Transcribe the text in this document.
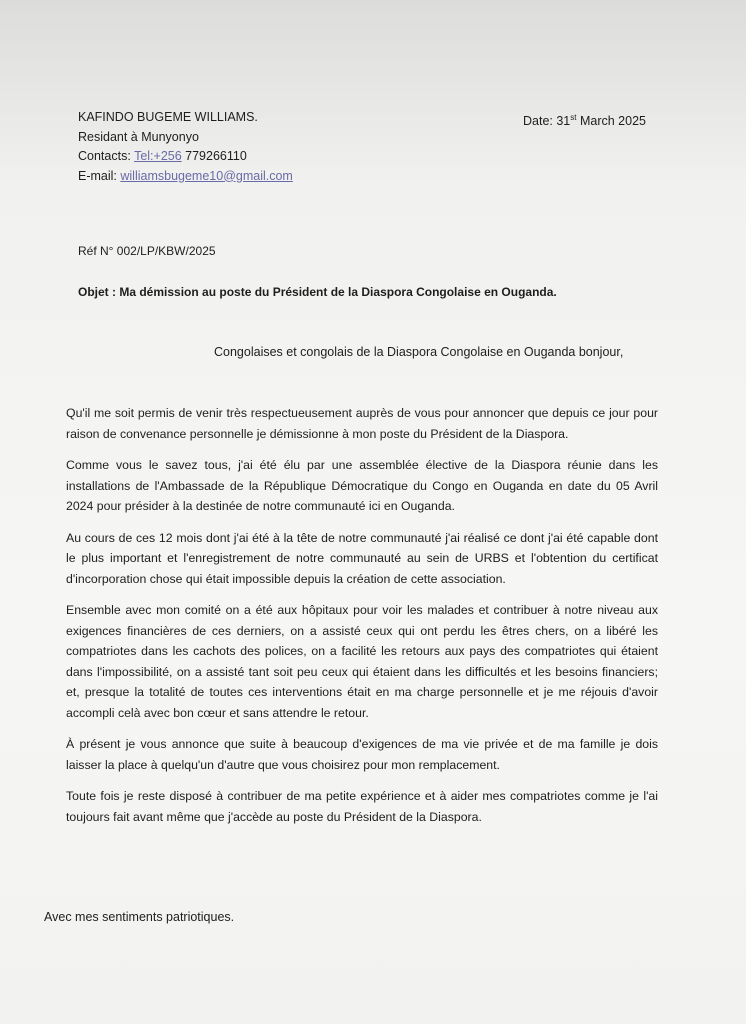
KAFINDO BUGEME WILLIAMS.
Residant à Munyonyo
Contacts: Tel:+256 779266110
E-mail: williamsbugeme10@gmail.com
Date: 31st March 2025
Réf N° 002/LP/KBW/2025
Objet : Ma démission au poste du Président de la Diaspora Congolaise en Ouganda.
Congolaises et congolais de la Diaspora Congolaise en Ouganda bonjour,

Qu'il me soit permis de venir très respectueusement auprès de vous pour annoncer que depuis ce jour pour raison de convenance personnelle je démissionne à mon poste du Président de la Diaspora.

Comme vous le savez tous, j'ai été élu par une assemblée élective de la Diaspora réunie dans les installations de l'Ambassade de la République Démocratique du Congo en Ouganda en date du 05 Avril 2024 pour présider à la destinée de notre communauté ici en Ouganda.

Au cours de ces 12 mois dont j'ai été à la tête de notre communauté j'ai réalisé ce dont j'ai été capable dont le plus important et l'enregistrement de notre communauté au sein de URBS et l'obtention du certificat d'incorporation chose qui était impossible depuis la création de cette association.

Ensemble avec mon comité on a été aux hôpitaux pour voir les malades et contribuer à notre niveau aux exigences financières de ces derniers, on a assisté ceux qui ont perdu les êtres chers, on a libéré les compatriotes dans les cachots des polices, on a facilité les retours aux pays des compatriotes qui étaient dans l'impossibilité, on a assisté tant soit peu ceux qui étaient dans les difficultés et les besoins financiers; et, presque la totalité de toutes ces interventions était en ma charge personnelle et je me réjouis d'avoir accompli celà avec bon cœur et sans attendre le retour.

À présent je vous annonce que suite à beaucoup d'exigences de ma vie privée et de ma famille je dois laisser la place à quelqu'un d'autre que vous choisirez pour mon remplacement.

Toute fois je reste disposé à contribuer de ma petite expérience et à aider mes compatriotes comme je l'ai toujours fait avant même que j'accède au poste du Président de la Diaspora.

Avec mes sentiments patriotiques.
